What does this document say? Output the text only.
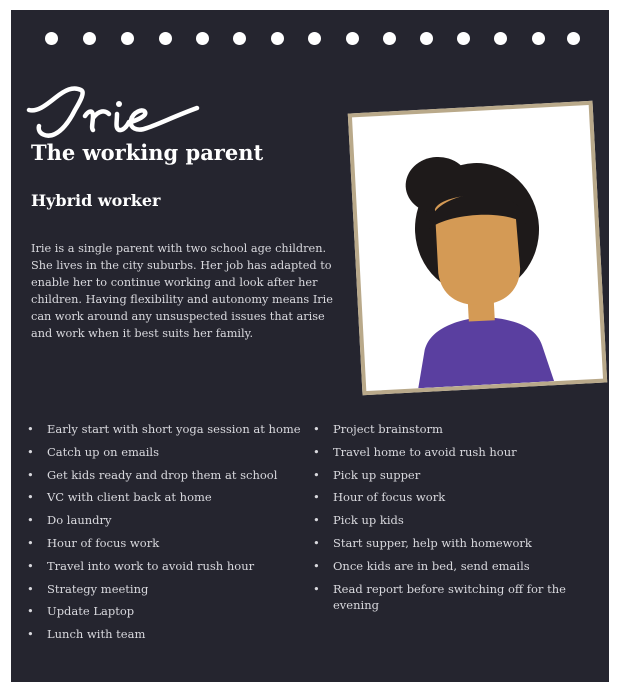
The working parent
Hybrid worker

Irie is a single parent with two school age children. She lives in the city suburbs. Her job has adapted to enable her to continue working and look after her children. Having flexibility and autonomy means Irie can work around any unsuspected issues that arise and work when it best suits her family.

• Early start with short yoga session at home
• Catch up on emails
• Get kids ready and drop them at school
• VC with client back at home
• Do laundry
• Hour of focus work
• Travel into work to avoid rush hour
• Strategy meeting
• Update Laptop
• Lunch with team
• Project brainstorm
• Travel home to avoid rush hour
• Pick up supper
• Hour of focus work
• Pick up kids
• Start supper, help with homework
• Once kids are in bed, send emails
• Read report before switching off for the evening
